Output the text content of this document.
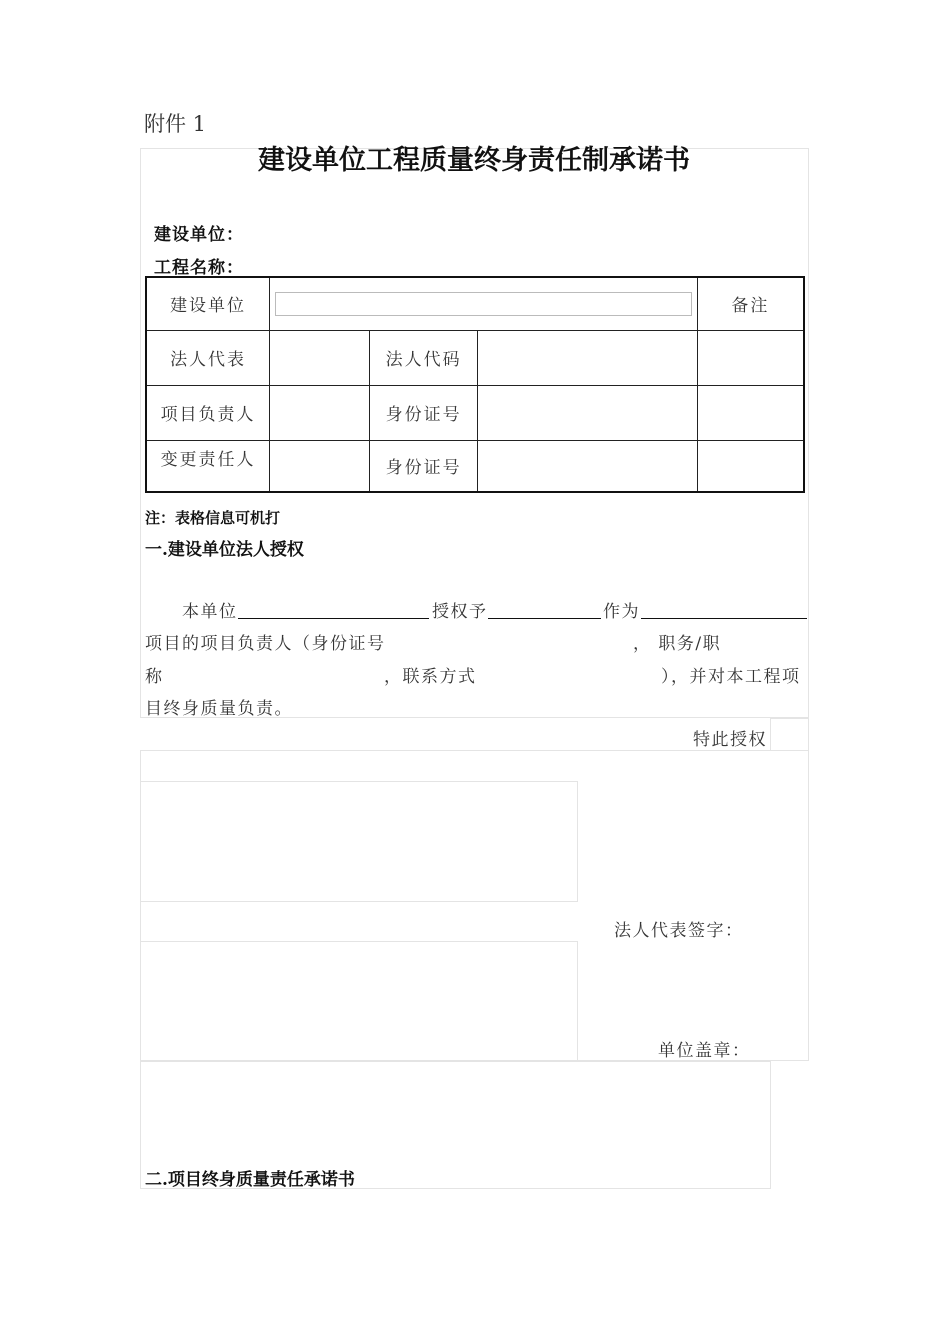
附件 1
建设单位工程质量终身责任制承诺书
建设单位：
工程名称：
建设单位				备注
法人代表		法人代码		
项目负责人		身份证号		
变更责任人		身份证号		
注：表格信息可机打
一.建设单位法人授权
本单位	授权予	作为
项目的项目负责人（身份证号	， 职务/职
称	，联系方式	），并对本工程项
目终身质量负责。
特此授权
法人代表签字：
单位盖章：
二.项目终身质量责任承诺书
